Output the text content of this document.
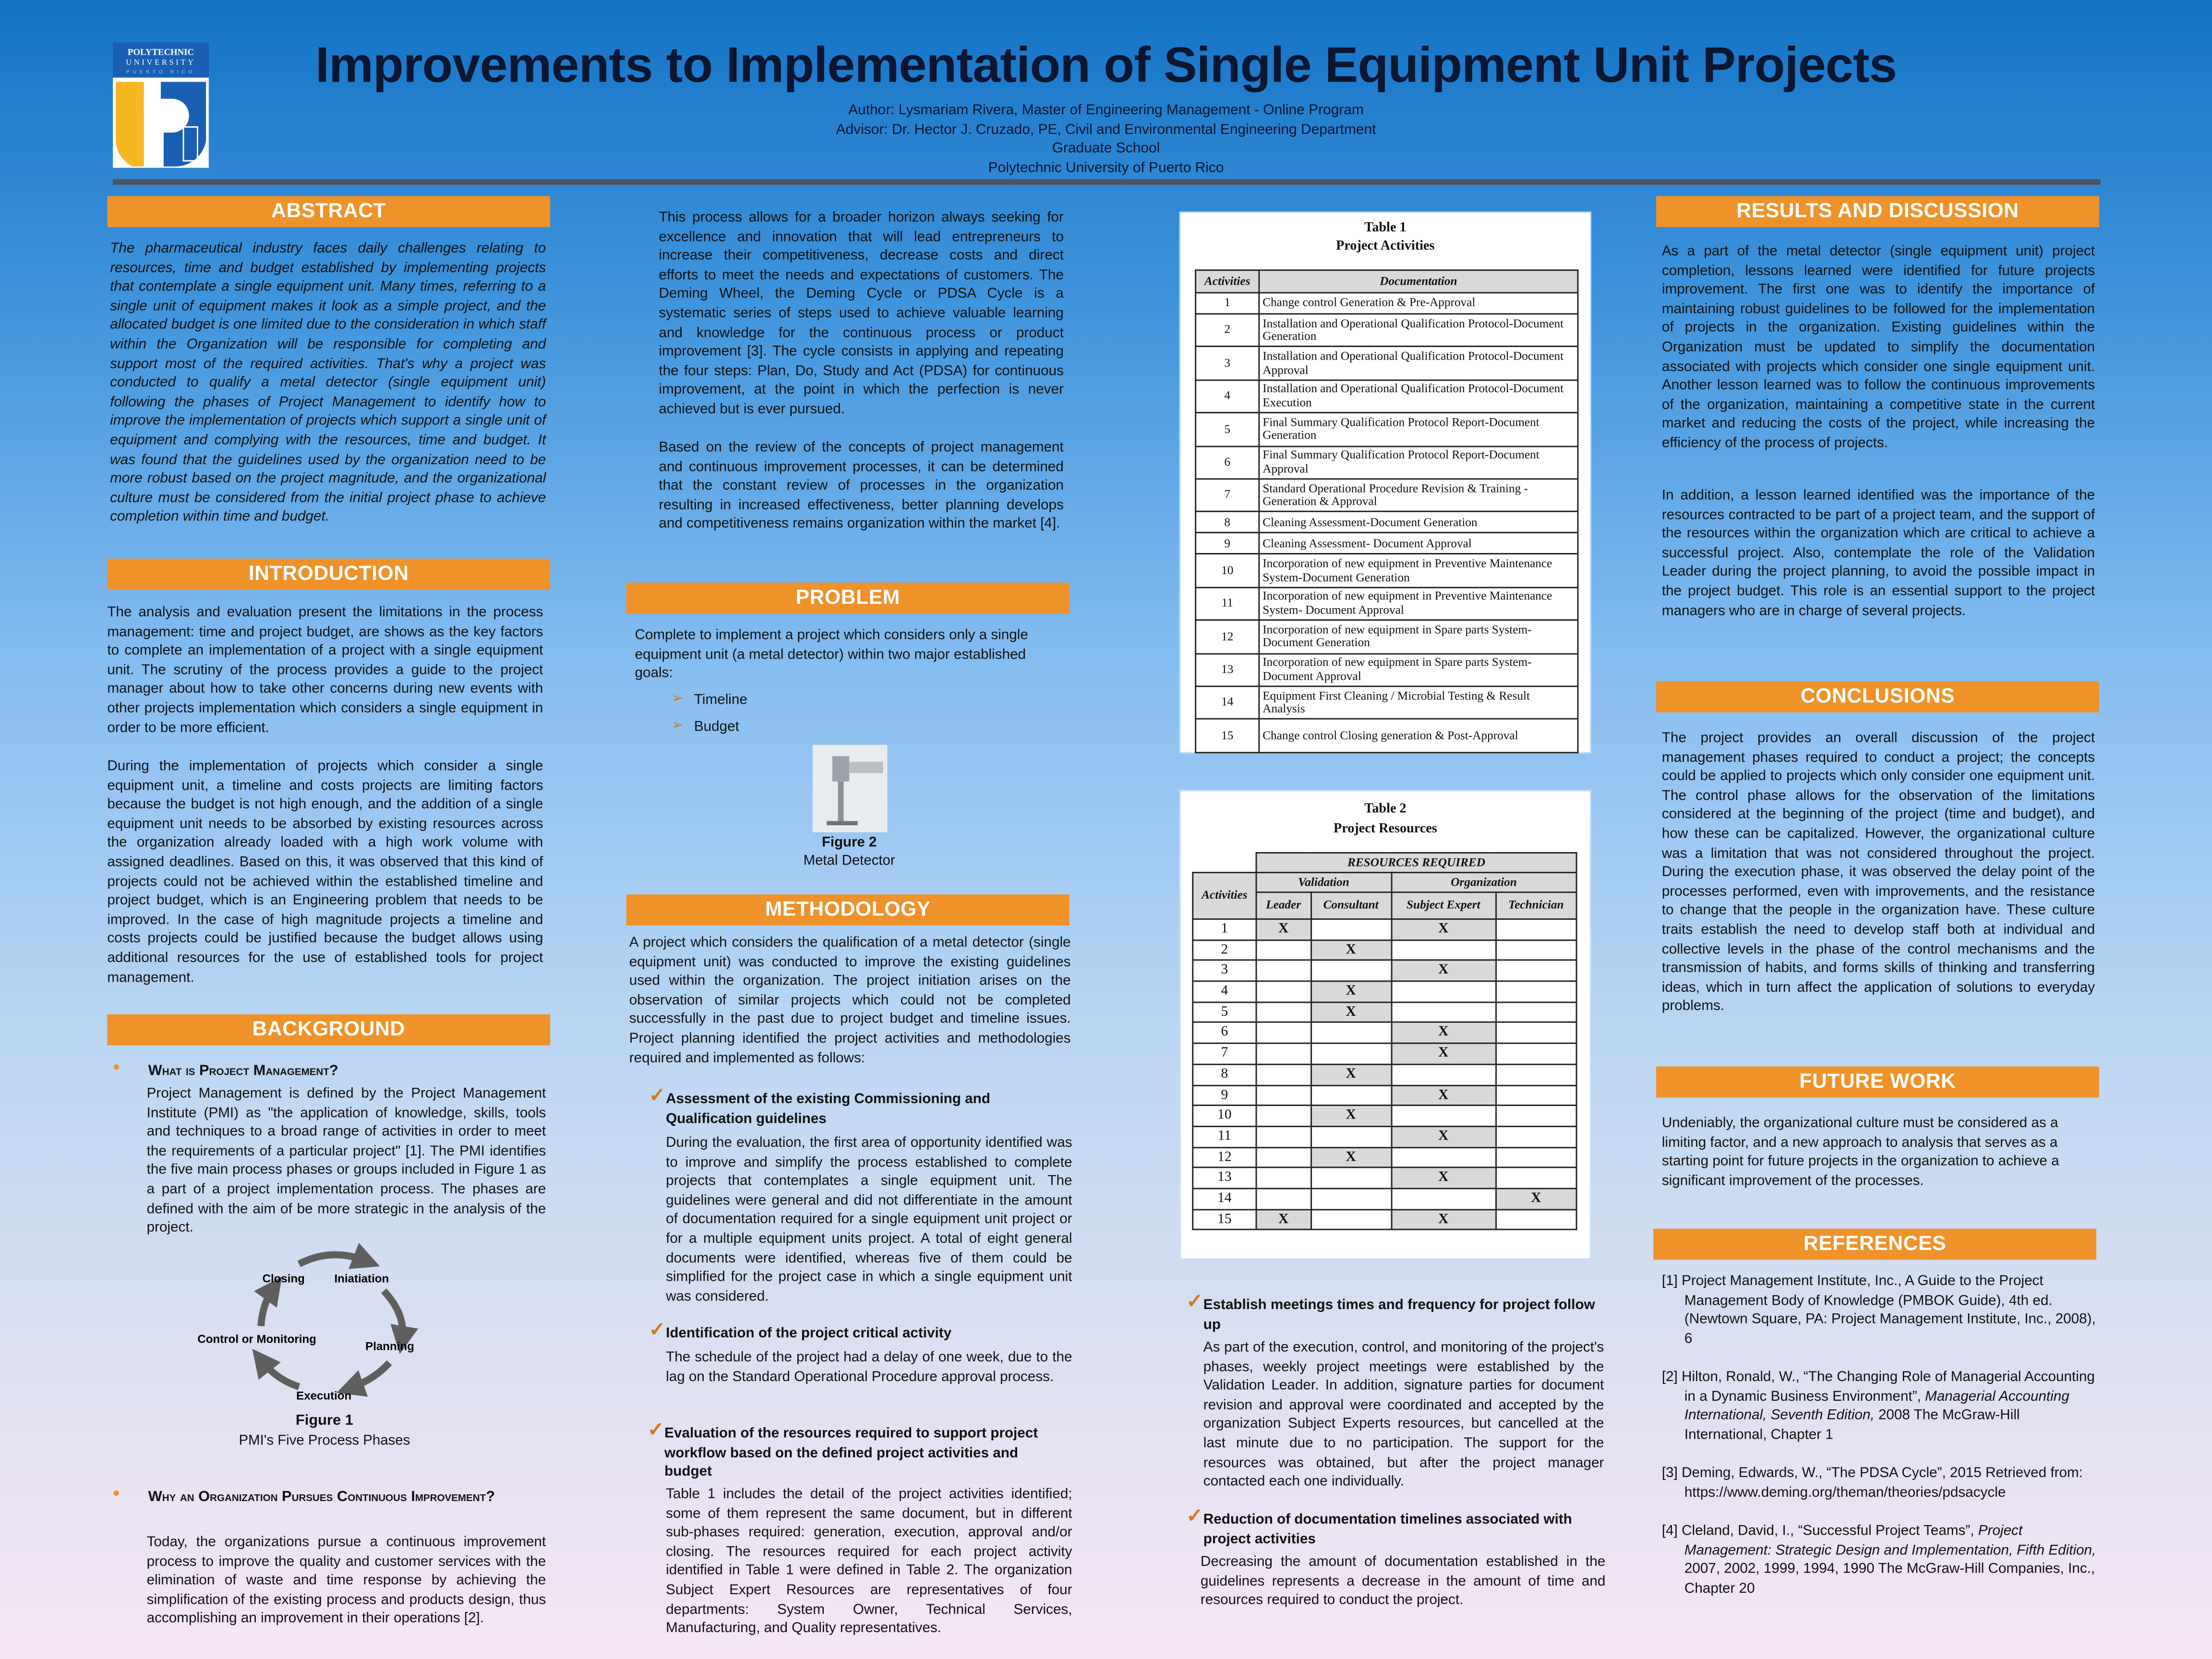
POLYTECHNIC
UNIVERSITY
PUERTO RICO	Improvements to Implementation of Single Equipment Unit Projects
Author: Lysmariam Rivera, Master of Engineering Management - Online Program
Advisor: Dr. Hector J. Cruzado, PE, Civil and Environmental Engineering Department
Graduate School
Polytechnic University of Puerto Rico
ABSTRACT
The pharmaceutical industry faces daily challenges relating to resources, time and budget established by implementing projects that contemplate a single equipment unit. Many times, referring to a single unit of equipment makes it look as a simple project, and the allocated budget is one limited due to the consideration in which staff within the Organization will be responsible for completing and support most of the required activities. That's why a project was conducted to qualify a metal detector (single equipment unit) following the phases of Project Management to identify how to improve the implementation of projects which support a single unit of equipment and complying with the resources, time and budget. It was found that the guidelines used by the organization need to be more robust based on the project magnitude, and the organizational culture must be considered from the initial project phase to achieve completion within time and budget.
INTRODUCTION
The analysis and evaluation present the limitations in the process management: time and project budget, are shows as the key factors to complete an implementation of a project with a single equipment unit. The scrutiny of the process provides a guide to the project manager about how to take other concerns during new events with other projects implementation which considers a single equipment in order to be more efficient.
During the implementation of projects which consider a single equipment unit, a timeline and costs projects are limiting factors because the budget is not high enough, and the addition of a single equipment unit needs to be absorbed by existing resources across the organization already loaded with a high work volume with assigned deadlines. Based on this, it was observed that this kind of projects could not be achieved within the established timeline and project budget, which is an Engineering problem that needs to be improved. In the case of high magnitude projects a timeline and costs projects could be justified because the budget allows using additional resources for the use of established tools for project management.
BACKGROUND
•	What is Project Management?
Project Management is defined by the Project Management Institute (PMI) as "the application of knowledge, skills, tools and techniques to a broad range of activities in order to meet the requirements of a particular project" [1]. The PMI identifies the five main process phases or groups included in Figure 1 as a part of a project implementation process. The phases are defined with the aim of be more strategic in the analysis of the project.
Iniatiation
Planning
Execution
Control or Monitoring
Closing
Figure 1
PMI's Five Process Phases
•	Why an Organization Pursues Continuous Improvement?
Today, the organizations pursue a continuous improvement process to improve the quality and customer services with the elimination of waste and time response by achieving the simplification of the existing process and products design, thus accomplishing an improvement in their operations [2].
This process allows for a broader horizon always seeking for excellence and innovation that will lead entrepreneurs to increase their competitiveness, decrease costs and direct efforts to meet the needs and expectations of customers. The Deming Wheel, the Deming Cycle or PDSA Cycle is a systematic series of steps used to achieve valuable learning and knowledge for the continuous process or product improvement [3]. The cycle consists in applying and repeating the four steps: Plan, Do, Study and Act (PDSA) for continuous improvement, at the point in which the perfection is never achieved but is ever pursued.
Based on the review of the concepts of project management and continuous improvement processes, it can be determined that the constant review of processes in the organization resulting in increased effectiveness, better planning develops and competitiveness remains organization within the market [4].
PROBLEM
Complete to implement a project which considers only a single equipment unit (a metal detector) within two major established goals:
➢ Timeline
➢ Budget
Figure 2
Metal Detector
METHODOLOGY
A project which considers the qualification of a metal detector (single equipment unit) was conducted to improve the existing guidelines used within the organization. The project initiation arises on the observation of similar projects which could not be completed successfully in the past due to project budget and timeline issues. Project planning identified the project activities and methodologies required and implemented as follows:
✓ Assessment of the existing Commissioning and Qualification guidelines
During the evaluation, the first area of opportunity identified was to improve and simplify the process established to complete projects that contemplates a single equipment unit. The guidelines were general and did not differentiate in the amount of documentation required for a single equipment unit project or for a multiple equipment units project. A total of eight general documents were identified, whereas five of them could be simplified for the project case in which a single equipment unit was considered.
✓ Identification of the project critical activity
The schedule of the project had a delay of one week, due to the lag on the Standard Operational Procedure approval process.
✓ Evaluation of the resources required to support project workflow based on the defined project activities and budget
Table 1 includes the detail of the project activities identified; some of them represent the same document, but in different sub-phases required: generation, execution, approval and/or closing. The resources required for each project activity identified in Table 1 were defined in Table 2. The organization Subject Expert Resources are representatives of four departments: System Owner, Technical Services, Manufacturing, and Quality representatives.
Table 1
Project Activities
Activities	Documentation
1	Change control Generation & Pre-Approval
2	Installation and Operational Qualification Protocol-Document Generation
3	Installation and Operational Qualification Protocol-Document Approval
4	Installation and Operational Qualification Protocol-Document Execution
5	Final Summary Qualification Protocol Report-Document Generation
6	Final Summary Qualification Protocol Report-Document Approval
7	Standard Operational Procedure Revision & Training - Generation & Approval
8	Cleaning Assessment-Document Generation
9	Cleaning Assessment- Document Approval
10	Incorporation of new equipment in Preventive Maintenance System-Document Generation
11	Incorporation of new equipment in Preventive Maintenance System- Document Approval
12	Incorporation of new equipment in Spare parts System-Document Generation
13	Incorporation of new equipment in Spare parts System-Document Approval
14	Equipment First Cleaning / Microbial Testing & Result Analysis
15	Change control Closing generation & Post-Approval
Table 2
Project Resources
	RESOURCES REQUIRED			
Activities	Validation		Organization	
	Leader	Consultant	Subject Expert	Technician
1	X		X	
2		X		
3			X	
4		X		
5		X		
6			X	
7			X	
8		X		
9			X	
10		X		
11			X	
12		X		
13			X	
14				X
15	X		X	
✓ Establish meetings times and frequency for project follow up
As part of the execution, control, and monitoring of the project's phases, weekly project meetings were established by the Validation Leader. In addition, signature parties for document revision and approval were coordinated and accepted by the organization Subject Experts resources, but cancelled at the last minute due to no participation. The support for the resources was obtained, but after the project manager contacted each one individually.
✓ Reduction of documentation timelines associated with project activities
Decreasing the amount of documentation established in the guidelines represents a decrease in the amount of time and resources required to conduct the project.
RESULTS AND DISCUSSION
As a part of the metal detector (single equipment unit) project completion, lessons learned were identified for future projects improvement. The first one was to identify the importance of maintaining robust guidelines to be followed for the implementation of projects in the organization. Existing guidelines within the Organization must be updated to simplify the documentation associated with projects which consider one single equipment unit. Another lesson learned was to follow the continuous improvements of the organization, maintaining a competitive state in the current market and reducing the costs of the project, while increasing the efficiency of the process of projects.
In addition, a lesson learned identified was the importance of the resources contracted to be part of a project team, and the support of the resources within the organization which are critical to achieve a successful project. Also, contemplate the role of the Validation Leader during the project planning, to avoid the possible impact in the project budget. This role is an essential support to the project managers who are in charge of several projects.
CONCLUSIONS
The project provides an overall discussion of the project management phases required to conduct a project; the concepts could be applied to projects which only consider one equipment unit. The control phase allows for the observation of the limitations considered at the beginning of the project (time and budget), and how these can be capitalized. However, the organizational culture was a limitation that was not considered throughout the project. During the execution phase, it was observed the delay point of the processes performed, even with improvements, and the resistance to change that the people in the organization have. These culture traits establish the need to develop staff both at individual and collective levels in the phase of the control mechanisms and the transmission of habits, and forms skills of thinking and transferring ideas, which in turn affect the application of solutions to everyday problems.
FUTURE WORK
Undeniably, the organizational culture must be considered as a limiting factor, and a new approach to analysis that serves as a starting point for future projects in the organization to achieve a significant improvement of the processes.
REFERENCES
[1] Project Management Institute, Inc., A Guide to the Project Management Body of Knowledge (PMBOK Guide), 4th ed. (Newtown Square, PA: Project Management Institute, Inc., 2008), 6
[2] Hilton, Ronald, W., “The Changing Role of Managerial Accounting in a Dynamic Business Environment”, Managerial Accounting International, Seventh Edition, 2008 The McGraw-Hill International, Chapter 1
[3] Deming, Edwards, W., “The PDSA Cycle”, 2015 Retrieved from: https://www.deming.org/theman/theories/pdsacycle
[4] Cleland, David, I., “Successful Project Teams”, Project Management: Strategic Design and Implementation, Fifth Edition, 2007, 2002, 1999, 1994, 1990 The McGraw-Hill Companies, Inc., Chapter 20
